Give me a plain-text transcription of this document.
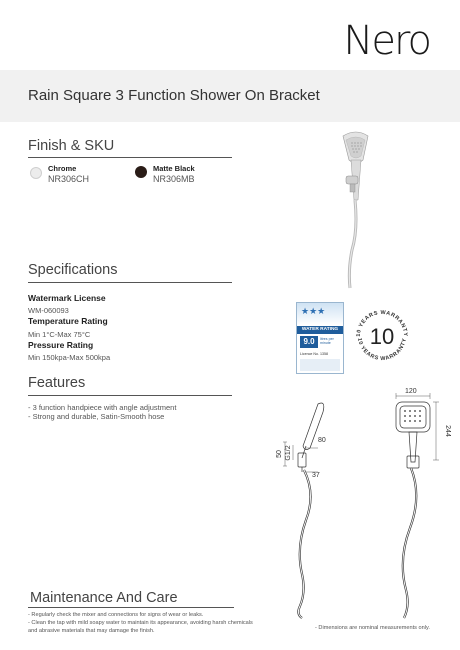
Nero
Rain Square 3 Function Shower On Bracket
Finish & SKU
Chrome
NR306CH
Matte Black
NR306MB
Specifications
Watermark License
WM-060093
Temperature Rating
Min 1°C-Max 75°C
Pressure Rating
Min 150kpa-Max 500kpa
★★★
WATER RATING
9.0	litres per minute
Licence No. 1358
10 YEARS WARRANTY
10 YEARS WARRANTY
10
Features
- 3 function handpiece with angle adjustment
- Strong and durable, Satin-Smooth hose
50 G1/2
80
37
120
244
Maintenance And Care
- Regularly check the mixer and connections for signs of wear or leaks.
- Clean the tap with mild soapy water to maintain its appearance, avoiding harsh chemicals and abrasive materials that may damage the finish.	- Dimensions are nominal measurements only.
